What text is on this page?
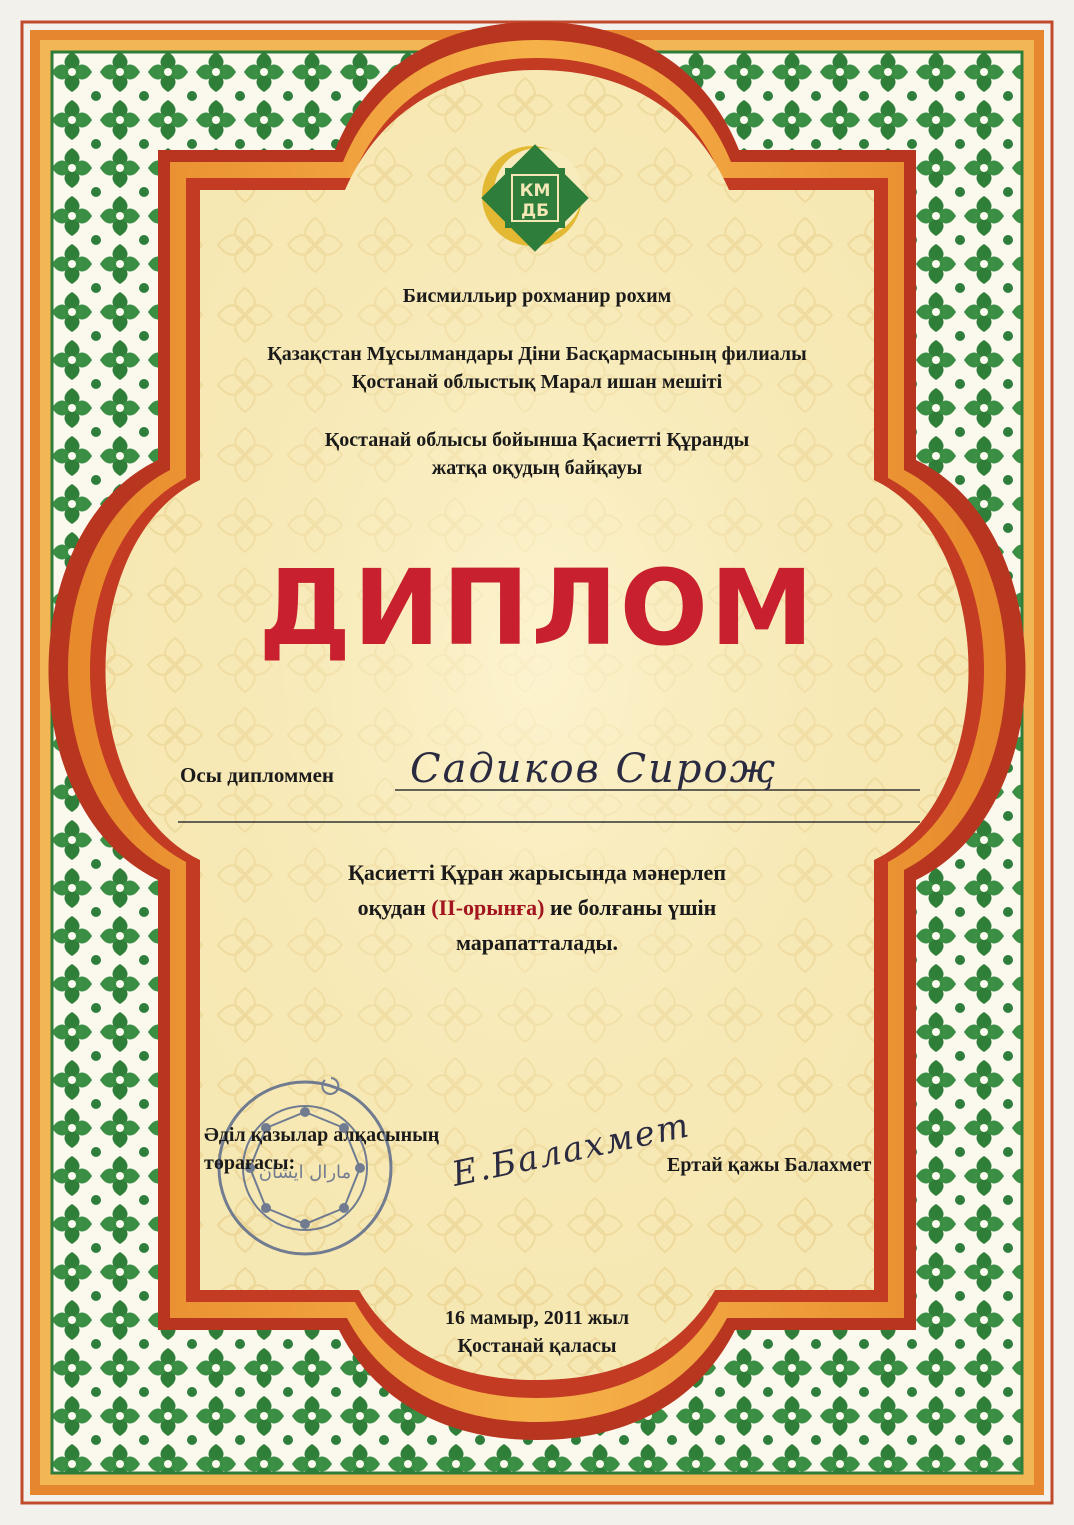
КМ
ДБ
مارال ايشان
Бисмилльир рохманир рохим
Қазақстан Мұсылмандары Діни Басқармасының филиалы
Қостанай облыстық Марал ишан мешіті
Қостанай облысы бойынша Қасиетті Құранды
жатқа оқудың байқауы
ДИПЛОМ
Осы дипломмен Садиков Сироҗ
Қасиетті Құран жарысында мәнерлеп
оқудан (ІІ-орынға) ие болғаны үшін
марапатталады.
Әділ қазылар алқасының
төрағасы:	Е.Балахмет
Ертай қажы Балахмет
16 мамыр, 2011 жыл
Қостанай қаласы
